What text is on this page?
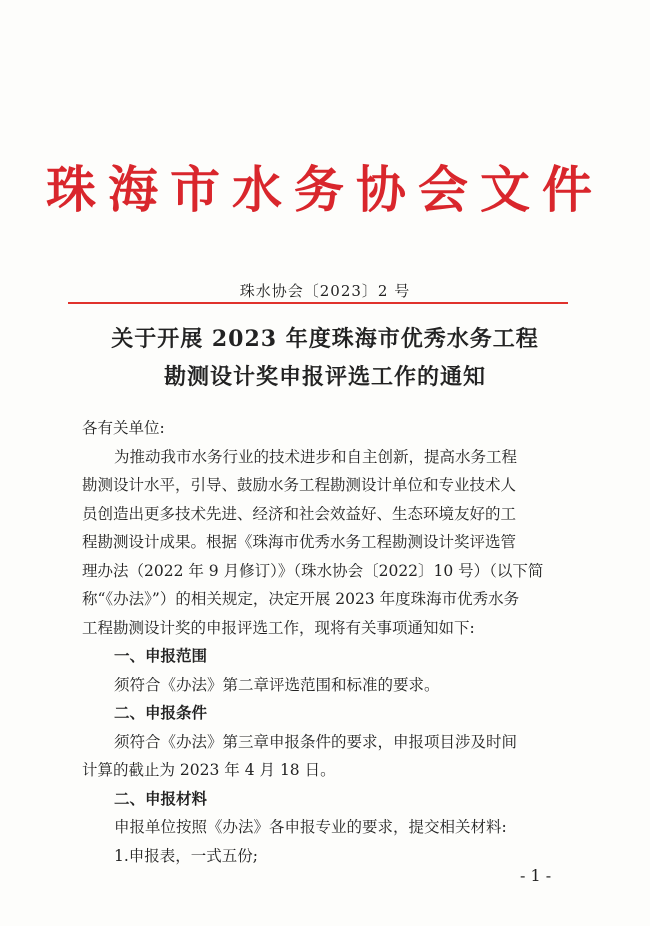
珠海市水务协会文件
珠水协会〔2023〕2 号
关于开展 2023 年度珠海市优秀水务工程
勘测设计奖申报评选工作的通知
各有关单位:
为推动我市水务行业的技术进步和自主创新，提高水务工程
勘测设计水平，引导、鼓励水务工程勘测设计单位和专业技术人
员创造出更多技术先进、经济和社会效益好、生态环境友好的工
程勘测设计成果。根据《珠海市优秀水务工程勘测设计奖评选管
理办法（2022 年 9 月修订）》（珠水协会〔2022〕10 号）（以下简
称“《办法》”）的相关规定，决定开展 2023 年度珠海市优秀水务
工程勘测设计奖的申报评选工作，现将有关事项通知如下:
一、申报范围
须符合《办法》第二章评选范围和标准的要求。
二、申报条件
须符合《办法》第三章申报条件的要求，申报项目涉及时间
计算的截止为 2023 年 4 月 18 日。
二、申报材料
申报单位按照《办法》各申报专业的要求，提交相关材料:
1.申报表，一式五份;
- 1 -
